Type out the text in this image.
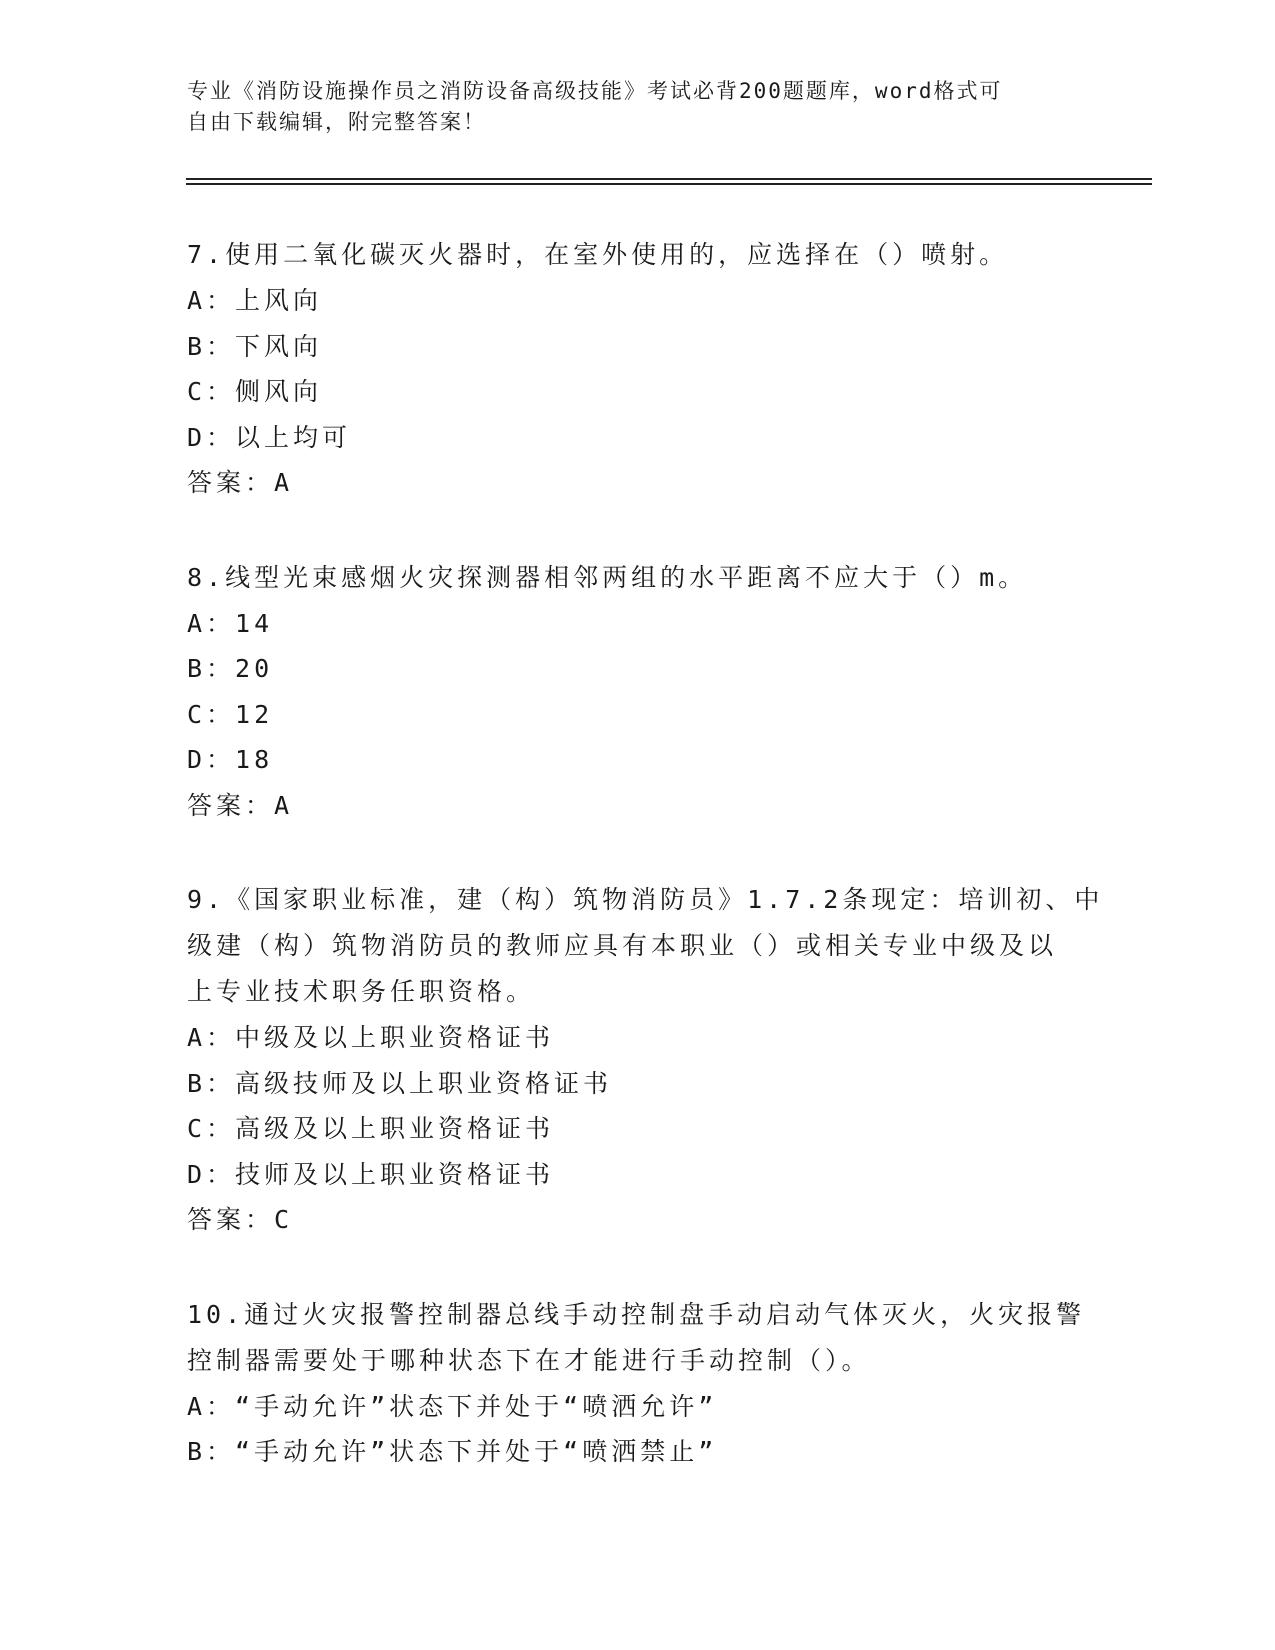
专业《消防设施操作员之消防设备高级技能》考试必背200题题库，word格式可
自由下载编辑，附完整答案！
7.使用二氧化碳灭火器时，在室外使用的，应选择在（）喷射。
A：上风向
B：下风向
C：侧风向
D：以上均可
答案：A
8.线型光束感烟火灾探测器相邻两组的水平距离不应大于（）m。
A：14
B：20
C：12
D：18
答案：A
9.《国家职业标准，建（构）筑物消防员》1.7.2条现定：培训初、中
级建（构）筑物消防员的教师应具有本职业（）或相关专业中级及以
上专业技术职务任职资格。
A：中级及以上职业资格证书
B：高级技师及以上职业资格证书
C：高级及以上职业资格证书
D：技师及以上职业资格证书
答案：C
10.通过火灾报警控制器总线手动控制盘手动启动气体灭火，火灾报警
控制器需要处于哪种状态下在才能进行手动控制（）。
A：“手动允许”状态下并处于“喷洒允许”
B：“手动允许”状态下并处于“喷洒禁止”
